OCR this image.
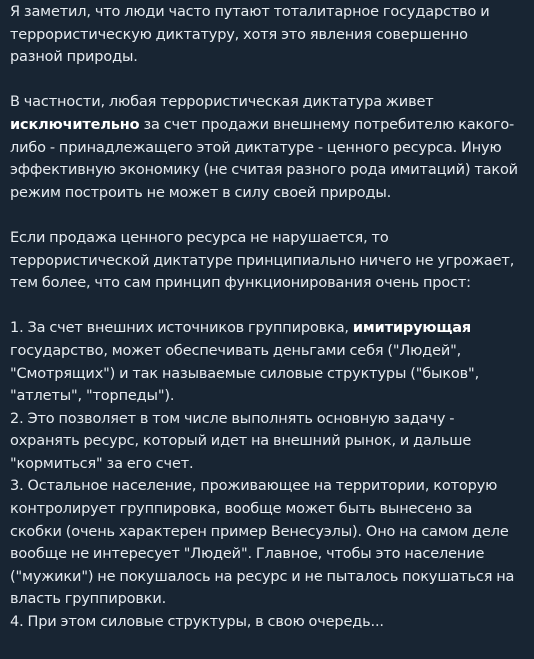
Я заметил, что люди часто путают тоталитарное государство и террористическую диктатуру, хотя это явления совершенно разной природы.

В частности, любая террористическая диктатура живет исключительно за счет продажи внешнему потребителю какого-либо - принадлежащего этой диктатуре - ценного ресурса. Иную эффективную экономику (не считая разного рода имитаций) такой режим построить не может в силу своей природы.

Если продажа ценного ресурса не нарушается, то террористической диктатуре принципиально ничего не угрожает, тем более, что сам принцип функционирования очень прост:

1. За счет внешних источников группировка, имитирующая государство, может обеспечивать деньгами себя ("Людей", "Смотрящих") и так называемые силовые структуры ("быков", "атлеты", "торпеды").

2. Это позволяет в том числе выполнять основную задачу - охранять ресурс, который идет на внешний рынок, и дальше "кормиться" за его счет.

3. Остальное население, проживающее на территории, которую контролирует группировка, вообще может быть вынесено за скобки (очень характерен пример Венесуэлы). Оно на самом деле вообще не интересует "Людей". Главное, чтобы это население ("мужики") не покушалось на ресурс и не пыталось покушаться на власть группировки.

4. При этом силовые структуры, в свою очередь...
